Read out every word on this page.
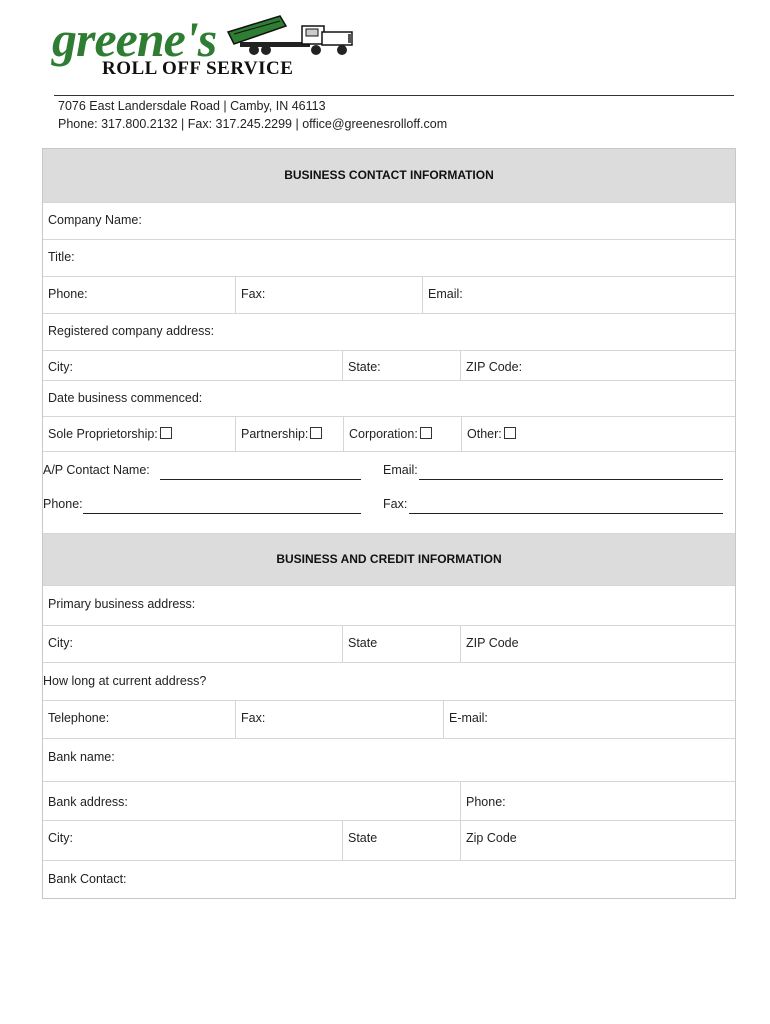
greene's
ROLL OFF SERVICE
7076 East Landersdale Road | Camby, IN 46113
Phone: 317.800.2132 | Fax: 317.245.2299 | office@greenesrolloff.com
BUSINESS CONTACT INFORMATION
Company Name:
Title:
Phone:	Fax:	Email:
Registered company address:
City:	State:	ZIP Code:
Date business commenced:
Sole Proprietorship:	Partnership:	Corporation:	Other:
A/P Contact Name:	Email:
Phone:	Fax:
BUSINESS AND CREDIT INFORMATION
Primary business address:
City:	State	ZIP Code
How long at current address?
Telephone:	Fax:	E-mail:
Bank name:
Bank address:	Phone:
City:	State	Zip Code
Bank Contact:
